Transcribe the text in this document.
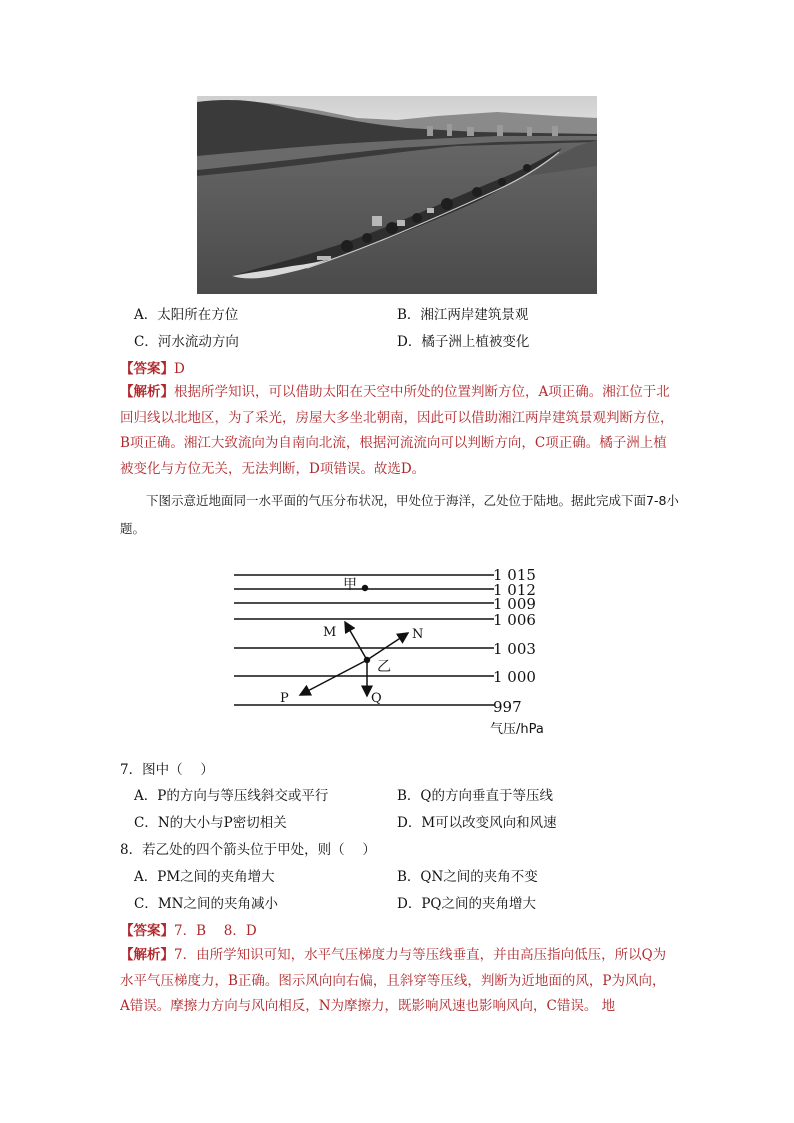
A．太阳所在方位	B．湘江两岸建筑景观
C．河水流动方向	D．橘子洲上植被变化
【答案】D
【解析】根据所学知识，可以借助太阳在天空中所处的位置判断方位，A项正确。湘江位于北回归线以北地区，为了采光，房屋大多坐北朝南，因此可以借助湘江两岸建筑景观判断方位，B项正确。湘江大致流向为自南向北流，根据河流流向可以判断方向，C项正确。橘子洲上植被变化与方位无关，无法判断，D项错误。故选D。
下图示意近地面同一水平面的气压分布状况，甲处位于海洋，乙处位于陆地。据此完成下面7-8小题。
1 015
1 012
1 009
1 006
1 003
1 000
997
气压/hPa
甲
乙
M	N
P	Q
7．图中（　 ）
A．P的方向与等压线斜交或平行	B．Q的方向垂直于等压线
C．N的大小与P密切相关	D．M可以改变风向和风速
8．若乙处的四个箭头位于甲处，则（　 ）
A．PM之间的夹角增大	B．QN之间的夹角不变
C．MN之间的夹角减小	D．PQ之间的夹角增大
【答案】7．B　 8．D
【解析】7．由所学知识可知，水平气压梯度力与等压线垂直，并由高压指向低压，所以Q为水平气压梯度力，B正确。图示风向向右偏，且斜穿等压线，判断为近地面的风，P为风向，A错误。摩擦力方向与风向相反，N为摩擦力，既影响风速也影响风向，C错误。 地
